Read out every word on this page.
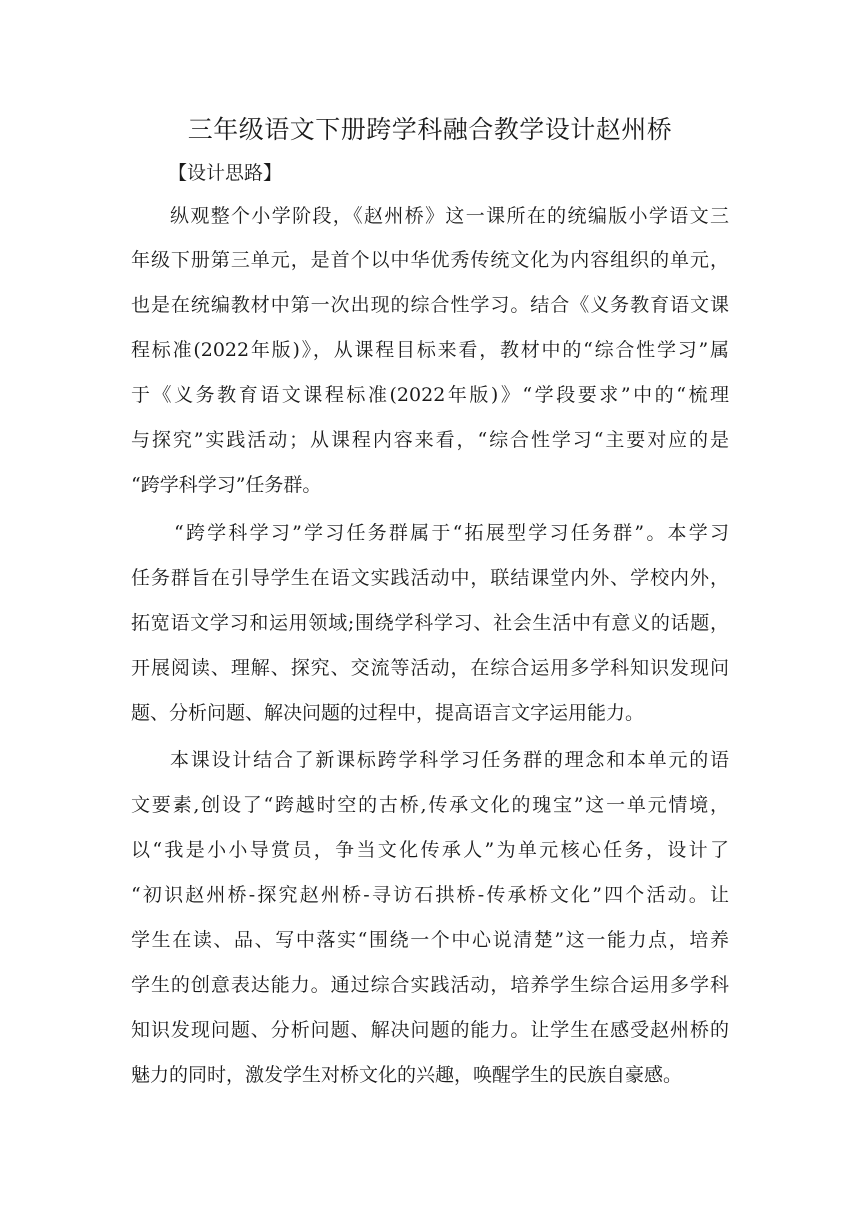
三年级语文下册跨学科融合教学设计赵州桥
【设计思路】
纵观整个小学阶段，《赵州桥》这一课所在的统编版小学语文三
年级下册第三单元，是首个以中华优秀传统文化为内容组织的单元，
也是在统编教材中第一次出现的综合性学习。结合《义务教育语文课
程标准(2022年版)》，从课程目标来看，教材中的“综合性学习”属
于《义务教育语文课程标准(2022年版)》“学段要求”中的“梳理
与探究”实践活动；从课程内容来看，“综合性学习“主要对应的是
“跨学科学习”任务群。
“跨学科学习”学习任务群属于“拓展型学习任务群”。本学习
任务群旨在引导学生在语文实践活动中，联结课堂内外、学校内外，
拓宽语文学习和运用领域;围绕学科学习、社会生活中有意义的话题，
开展阅读、理解、探究、交流等活动，在综合运用多学科知识发现问
题、分析问题、解决问题的过程中，提高语言文字运用能力。
本课设计结合了新课标跨学科学习任务群的理念和本单元的语
文要素,创设了“跨越时空的古桥,传承文化的瑰宝”这一单元情境，
以“我是小小导赏员，争当文化传承人”为单元核心任务，设计了
“初识赵州桥-探究赵州桥-寻访石拱桥-传承桥文化”四个活动。让
学生在读、品、写中落实“围绕一个中心说清楚”这一能力点，培养
学生的创意表达能力。通过综合实践活动，培养学生综合运用多学科
知识发现问题、分析问题、解决问题的能力。让学生在感受赵州桥的
魅力的同时，激发学生对桥文化的兴趣，唤醒学生的民族自豪感。
